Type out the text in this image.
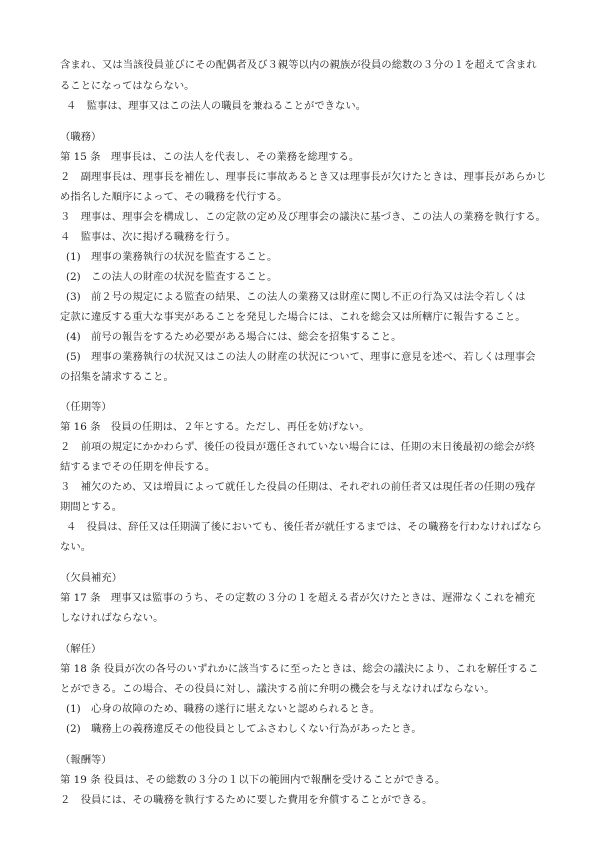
含まれ、又は当該役員並びにその配偶者及び３親等以内の親族が役員の総数の３分の１を超えて含まれ
ることになってはならない。
４　監事は、理事又はこの法人の職員を兼ねることができない。
（職務）
第 15 条　理事長は、この法人を代表し、その業務を総理する。
２　副理事長は、理事長を補佐し、理事長に事故あるとき又は理事長が欠けたときは、理事長があらかじ
め指名した順序によって、その職務を代行する。
３　理事は、理事会を構成し、この定款の定め及び理事会の議決に基づき、この法人の業務を執行する。
４　監事は、次に掲げる職務を行う。
(1)　理事の業務執行の状況を監査すること。
(2)　この法人の財産の状況を監査すること。
(3)　前２号の規定による監査の結果、この法人の業務又は財産に関し不正の行為又は法令若しくは
定款に違反する重大な事実があることを発見した場合には、これを総会又は所轄庁に報告すること。
(4)　前号の報告をするため必要がある場合には、総会を招集すること。
(5)　理事の業務執行の状況又はこの法人の財産の状況について、理事に意見を述べ、若しくは理事会
の招集を請求すること。
（任期等）
第 16 条　役員の任期は、２年とする。ただし、再任を妨げない。
２　前項の規定にかかわらず、後任の役員が選任されていない場合には、任期の末日後最初の総会が終
結するまでその任期を伸長する。
３　補欠のため、又は増員によって就任した役員の任期は、それぞれの前任者又は現任者の任期の残存
期間とする。
４　役員は、辞任又は任期満了後においても、後任者が就任するまでは、その職務を行わなければなら
ない。
（欠員補充）
第 17 条　理事又は監事のうち、その定数の３分の１を超える者が欠けたときは、遅滞なくこれを補充
しなければならない。
（解任）
第 18 条 役員が次の各号のいずれかに該当するに至ったときは、総会の議決により、これを解任するこ
とができる。この場合、その役員に対し、議決する前に弁明の機会を与えなければならない。
(1)　心身の故障のため、職務の遂行に堪えないと認められるとき。
(2)　職務上の義務違反その他役員としてふさわしくない行為があったとき。
（報酬等）
第 19 条 役員は、その総数の３分の１以下の範囲内で報酬を受けることができる。
２　役員には、その職務を執行するために要した費用を弁償することができる。
